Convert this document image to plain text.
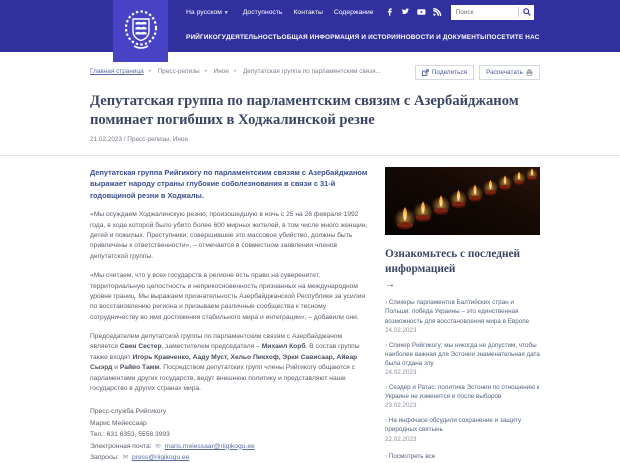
На русском ▼ Доступность Контакты Содержание
Поиск
РИЙГИКОГУ ДЕЯТЕЛЬНОСТЬ ОБЩАЯ ИНФОРМАЦИЯ И ИСТОРИЯ НОВОСТИ И ДОКУМЕНТЫ ПОСЕТИТЕ НАС
Главная страница • Пресс-релизы • Иное • Депутатская группа по парламентским связя...	Поделиться	Распечатать
Депутатская группа по парламентским связям с Азербайджаном поминает погибших в Ходжалинской резне
21.02.2023 / Пресс-релизы, Иное

Депутатская группа Рийгикогу по парламентским связям с Азербайджаном выражает народу страны глубокие соболезнования в связи с 31-й годовщиной резни в Ходжалы.

«Мы осуждаем Ходжалинскую резню, произошедшую в ночь с 25 на 26 февраля 1992 года, в ходе которой было убито более 600 мирных жителей, в том числе много женщин, детей и пожилых. Преступники, совершившие это массовое убийство, должны быть привлечены к ответственности», – отмечается в совместном заявлении членов депутатской группы.

«Мы считаем, что у всех государств в регионе есть право на суверенитет, территориальную целостность и неприкосновенность признанных на международном уровне границ. Мы выражаем признательность Азербайджанской Республике за усилия по восстановлению региона и призываем различные сообщества к тесному сотрудничеству во имя достижения стабильного мира и интеграции», – добавили они.

Председателем депутатской группы по парламентским связям с Азербайджаном является Свен Сестер, заместителем председателя – Михаил Корб. В состав группы также входят Игорь Кравченко, Ааду Муст, Хельо Пикхоф, Эрки Сависаар, Айвар Сыэрд и Райво Тамм. Посредством депутатских групп члены Рийгикогу общаются с парламентами других государств, ведут внешнюю политику и представляют наше государство в других странах мира.

Пресс-служба Рийгикогу
Марис Мейессаар
Тел.: 631 6353, 5558 3993
Электронная почта: ✉ maris.meiessaar@riigikogu.ee
Запросы: ✉ press@riigikogu.ee
Ознакомьтесь с последней информацией
→
› Спикеры парламентов Балтийских стран и Польши: победа Украины – это единственная возможность для восстановления мира в Европе
24.02.2023
› Спикер Рийгикогу: мы никогда не допустим, чтобы наиболее важная для Эстонии знаменательная дата была отдана злу
24.02.2023
› Сеэдер и Ратас: политика Эстонии по отношению к Украине не изменится и после выборов
23.02.2023
› На инфочасе обсудили сохранение и защиту природных святынь
22.02.2023
› Посмотреть все
